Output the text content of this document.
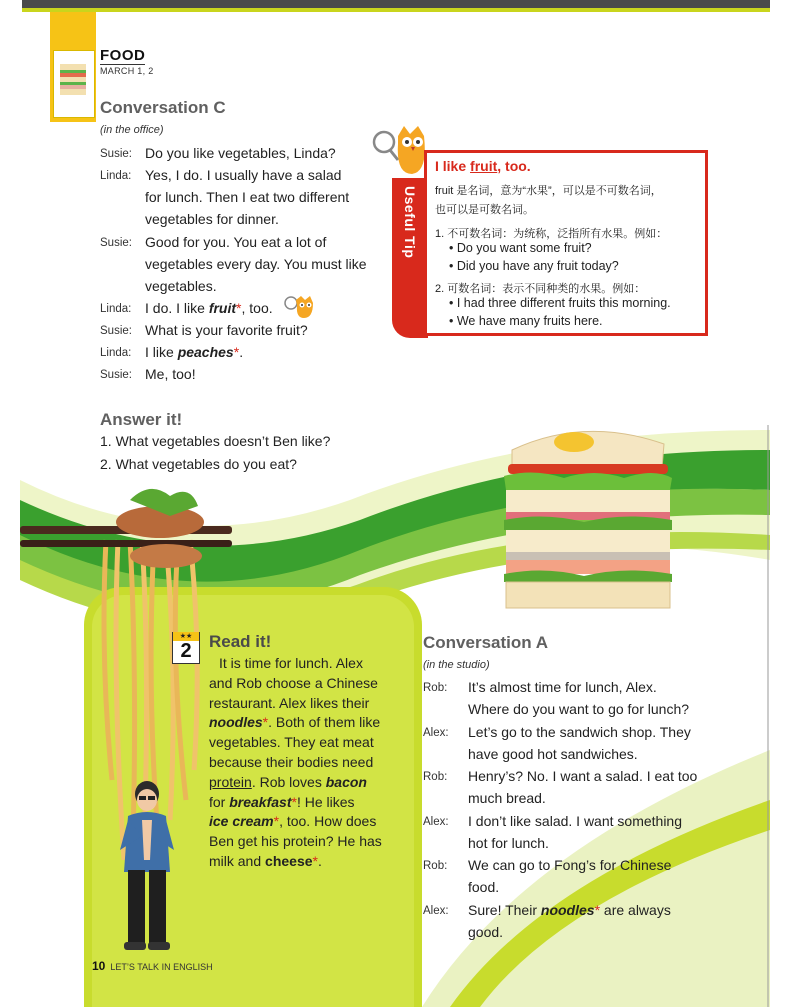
FOOD
MARCH 1, 2
Conversation C
(in the office)
Susie: Do you like vegetables, Linda?
Linda: Yes, I do. I usually have a salad
for lunch. Then I eat two different
vegetables for dinner.
Susie: Good for you. You eat a lot of
vegetables every day. You must like
vegetables.
Linda: I do. I like fruit*, too.
Susie: What is your favorite fruit?
Linda: I like peaches*.
Susie: Me, too!
Useful Tip
I like fruit, too.
fruit 是名词，意为“水果”，可以是不可数名词，
也可以是可数名词。
1. 不可数名词：为统称，泛指所有水果。例如：
• Do you want some fruit?
• Did you have any fruit today?
2. 可数名词：表示不同种类的水果。例如：
• I had three different fruits this morning.
• We have many fruits here.
Answer it!
1. What vegetables doesn’t Ben like?
2. What vegetables do you eat?
★★
2	Read it!
It is time for lunch. Alex
and Rob choose a Chinese
restaurant. Alex likes their
noodles*. Both of them like
vegetables. They eat meat
because their bodies need
protein. Rob loves bacon
for breakfast*! He likes
ice cream*, too. How does
Ben get his protein? He has
milk and cheese*.
Conversation A
(in the studio)
Rob: It’s almost time for lunch, Alex.
Where do you want to go for lunch?
Alex: Let’s go to the sandwich shop. They
have good hot sandwiches.
Rob: Henry’s? No. I want a salad. I eat too
much bread.
Alex: I don’t like salad. I want something
hot for lunch.
Rob: We can go to Fong’s for Chinese
food.
Alex: Sure! Their noodles* are always
good.
10 LET’S TALK IN ENGLISH
